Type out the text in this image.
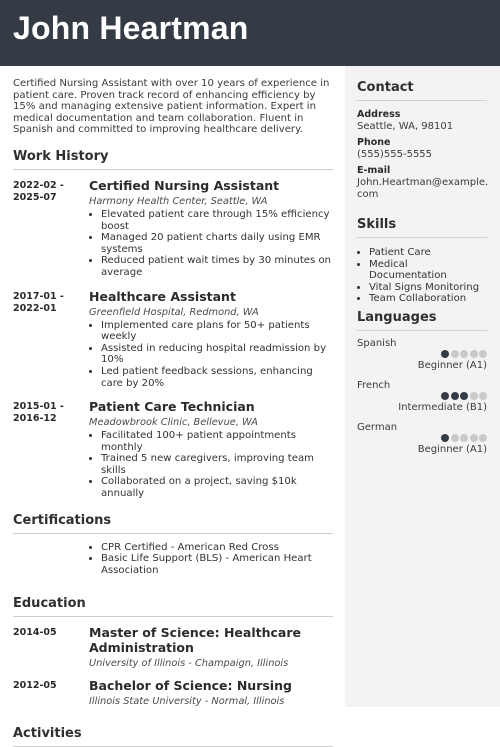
John Heartman
Contact
Address
Seattle, WA, 98101
Phone
(555)555-5555
E-mail
John.Heartman@example.
com
Skills
• Patient Care
• Medical Documentation
• Vital Signs Monitoring
• Team Collaboration
Languages
Spanish
Beginner (A1)
French
Intermediate (B1)
German
Beginner (A1)

Certified Nursing Assistant with over 10 years of experience in patient care. Proven track record of enhancing efficiency by 15% and managing extensive patient information. Expert in medical documentation and team collaboration. Fluent in Spanish and committed to improving healthcare delivery.

Work History
2022-02 -
2025-07
Certified Nursing Assistant
Harmony Health Center, Seattle, WA
• Elevated patient care through 15% efficiency boost
• Managed 20 patient charts daily using EMR systems
• Reduced patient wait times by 30 minutes on average
2017-01 -
2022-01
Healthcare Assistant
Greenfield Hospital, Redmond, WA
• Implemented care plans for 50+ patients weekly
• Assisted in reducing hospital readmission by 10%
• Led patient feedback sessions, enhancing care by 20%
2015-01 -
2016-12
Patient Care Technician
Meadowbrook Clinic, Bellevue, WA
• Facilitated 100+ patient appointments monthly
• Trained 5 new caregivers, improving team skills
• Collaborated on a project, saving $10k annually
Certifications
• CPR Certified - American Red Cross
• Basic Life Support (BLS) - American Heart Association
Education
2014-05	Master of Science: Healthcare Administration
University of Illinois - Champaign, Illinois
2012-05	Bachelor of Science: Nursing
Illinois State University - Normal, Illinois
Activities
